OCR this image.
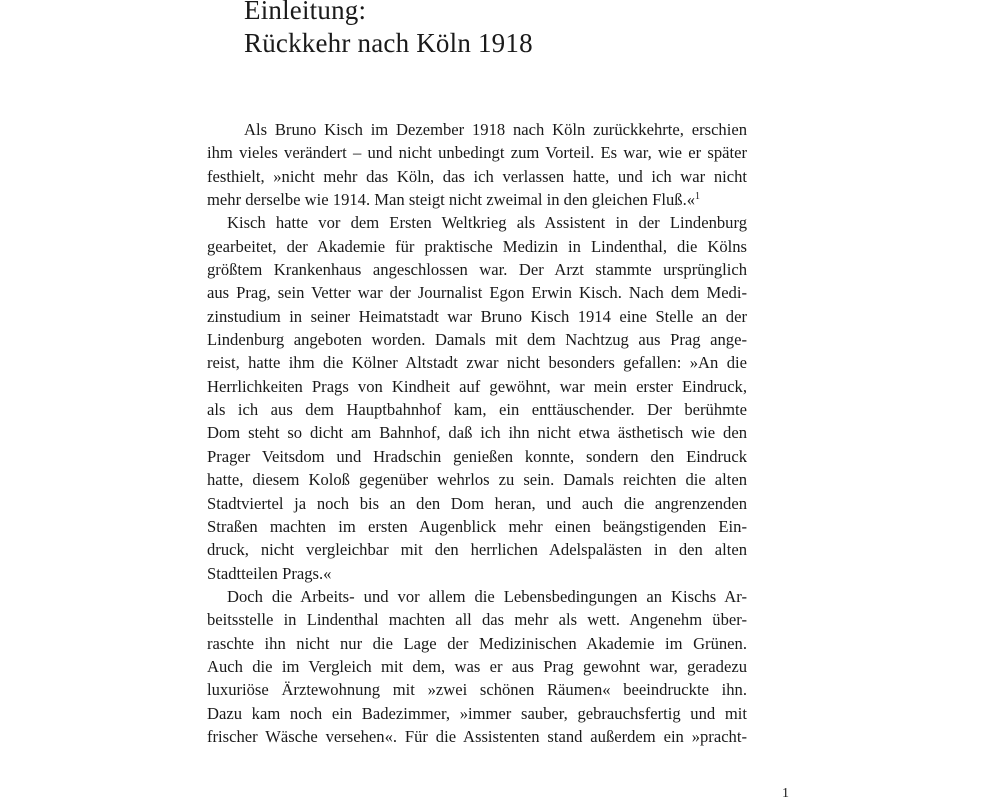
Einleitung:
Rückkehr nach Köln 1918
Als Bruno Kisch im Dezember 1918 nach Köln zurückkehrte, erschien
ihm vieles verändert – und nicht unbedingt zum Vorteil. Es war, wie er später
festhielt, »nicht mehr das Köln, das ich verlassen hatte, und ich war nicht
mehr derselbe wie 1914. Man steigt nicht zweimal in den gleichen Fluß.«$^1$
Kisch hatte vor dem Ersten Weltkrieg als Assistent in der Lindenburg
gearbeitet, der Akademie für praktische Medizin in Lindenthal, die Kölns
größtem Krankenhaus angeschlossen war. Der Arzt stammte ursprünglich
aus Prag, sein Vetter war der Journalist Egon Erwin Kisch. Nach dem Medi-
zinstudium in seiner Heimatstadt war Bruno Kisch 1914 eine Stelle an der
Lindenburg angeboten worden. Damals mit dem Nachtzug aus Prag ange-
reist, hatte ihm die Kölner Altstadt zwar nicht besonders gefallen: »An die
Herrlichkeiten Prags von Kindheit auf gewöhnt, war mein erster Eindruck,
als ich aus dem Hauptbahnhof kam, ein enttäuschender. Der berühmte
Dom steht so dicht am Bahnhof, daß ich ihn nicht etwa ästhetisch wie den
Prager Veitsdom und Hradschin genießen konnte, sondern den Eindruck
hatte, diesem Koloß gegenüber wehrlos zu sein. Damals reichten die alten
Stadtviertel ja noch bis an den Dom heran, und auch die angrenzenden
Straßen machten im ersten Augenblick mehr einen beängstigenden Ein-
druck, nicht vergleichbar mit den herrlichen Adelspalästen in den alten
Stadtteilen Prags.«
Doch die Arbeits- und vor allem die Lebensbedingungen an Kischs Ar-
beitsstelle in Lindenthal machten all das mehr als wett. Angenehm über-
raschte ihn nicht nur die Lage der Medizinischen Akademie im Grünen.
Auch die im Vergleich mit dem, was er aus Prag gewohnt war, geradezu
luxuriöse Ärztewohnung mit »zwei schönen Räumen« beeindruckte ihn.
Dazu kam noch ein Badezimmer, »immer sauber, gebrauchsfertig und mit
frischer Wäsche versehen«. Für die Assistenten stand außerdem ein »pracht-
1
